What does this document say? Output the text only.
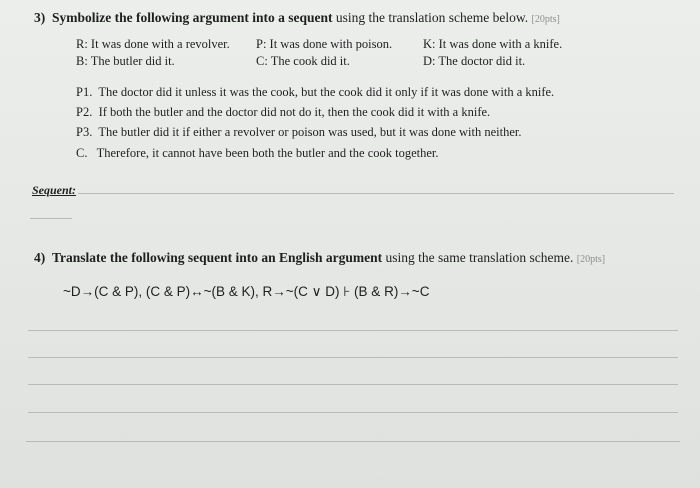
3) Symbolize the following argument into a sequent using the translation scheme below. [20pts]
R: It was done with a revolver. P: It was done with poison. K: It was done with a knife.
B: The butler did it.	C: The cook did it.	D: The doctor did it.
P1. The doctor did it unless it was the cook, but the cook did it only if it was done with a knife.
P2. If both the butler and the doctor did not do it, then the cook did it with a knife.
P3. The butler did it if either a revolver or poison was used, but it was done with neither.
C. Therefore, it cannot have been both the butler and the cook together.
Sequent:
4) Translate the following sequent into an English argument using the same translation scheme. [20pts]
~D→(C & P), (C & P)↔~(B & K), R→~(C ∨ D) ⊦ (B & R)→~C
